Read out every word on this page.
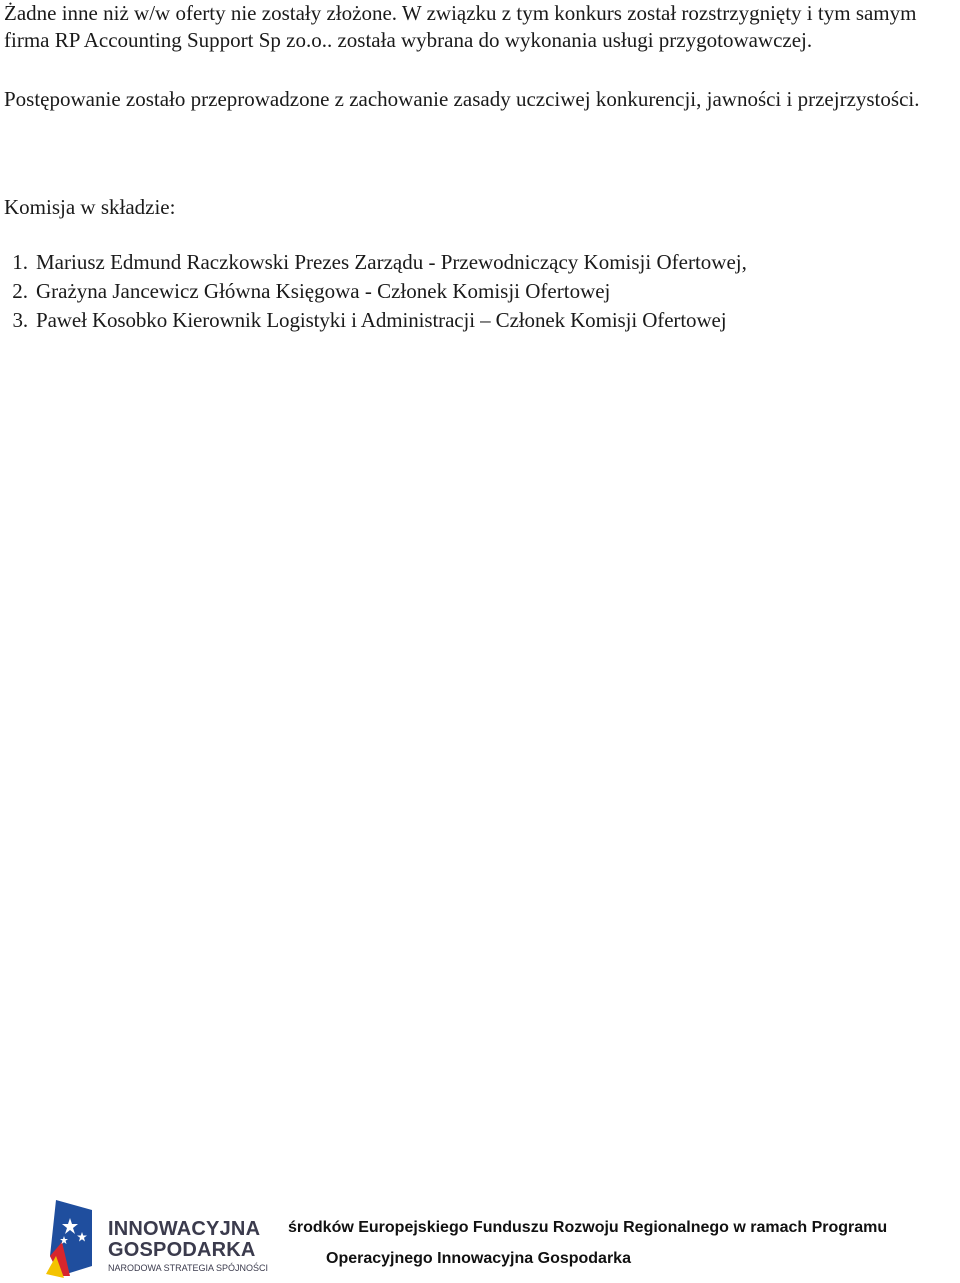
Żadne inne niż w/w oferty nie zostały złożone. W związku z tym konkurs został rozstrzygnięty i tym samym firma RP Accounting Support Sp zo.o.. została wybrana do wykonania usługi przygotowawczej.

Postępowanie zostało przeprowadzone z zachowanie zasady uczciwej konkurencji, jawności i przejrzystości.

Komisja w składzie:

1. Mariusz Edmund Raczkowski Prezes Zarządu - Przewodniczący Komisji Ofertowej,
2. Grażyna Jancewicz Główna Księgowa - Członek Komisji Ofertowej
3. Paweł Kosobko Kierownik Logistyki i Administracji – Członek Komisji Ofertowej
INNOWACYJNA
GOSPODARKA
NARODOWA STRATEGIA SPÓJNOŚCI
środków Europejskiego Funduszu Rozwoju Regionalnego w ramach Programu
Operacyjnego Innowacyjna Gospodarka
